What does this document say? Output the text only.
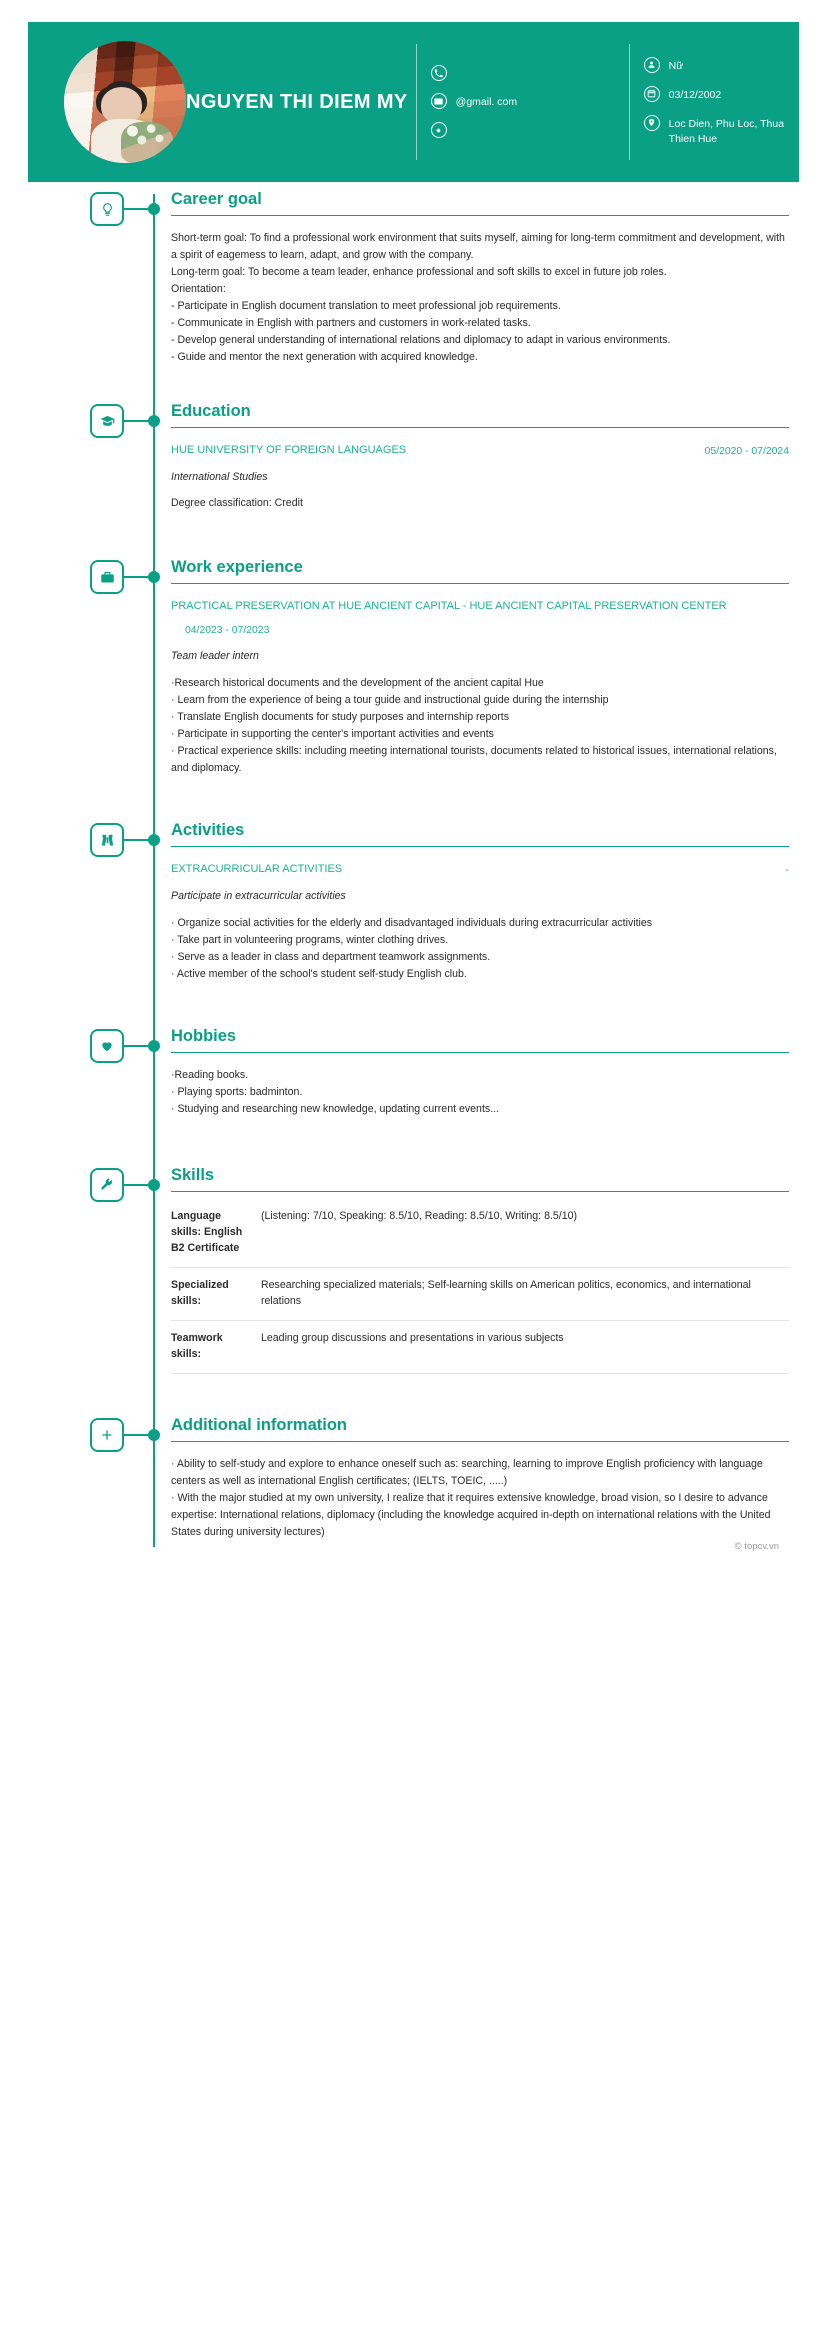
NGUYEN THI DIEM MY	@gmail. com
Nữ
03/12/2002
Loc Dien, Phu Loc, Thua Thien Hue
Career goal
Short-term goal: To find a professional work environment that suits myself, aiming for long-term commitment and development, with a spirit of eagemess to learn, adapt, and grow with the company.
Long-term goal: To become a team leader, enhance professional and soft skills to excel in future job roles.
Orientation:
- Participate in English document translation to meet professional job requirements.
- Communicate in English with partners and customers in work-related tasks.
- Develop general understanding of international relations and diplomacy to adapt in various environments.
- Guide and mentor the next generation with acquired knowledge.
Education
HUE UNIVERSITY OF FOREIGN LANGUAGES	05/2020 - 07/2024
International Studies
Degree classification: Credit
Work experience
PRACTICAL PRESERVATION AT HUE ANCIENT CAPITAL - HUE ANCIENT CAPITAL PRESERVATION CENTER
04/2023 - 07/2023
Team leader intern
·Research historical documents and the development of the ancient capital Hue
· Learn from the experience of being a tour guide and instructional guide during the internship
· Translate English documents for study purposes and internship reports
· Participate in supporting the center's important activities and events
· Practical experience skills: including meeting international tourists, documents related to historical issues, international relations, and diplomacy.
Activities
EXTRACURRICULAR ACTIVITIES	-
Participate in extracurricular activities
· Organize social activities for the elderly and disadvantaged individuals during extracurricular activities
· Take part in volunteering programs, winter clothing drives.
· Serve as a leader in class and department teamwork assignments.
· Active member of the school's student self-study English club.
Hobbies
·Reading books.
· Playing sports: badminton.
· Studying and researching new knowledge, updating current events...
Skills
Language skills: English B2 Certificate	(Listening: 7/10, Speaking: 8.5/10, Reading: 8.5/10, Writing: 8.5/10)
Specialized skills:	Researching specialized materials; Self-learning skills on American politics, economics, and international relations
Teamwork skills:	Leading group discussions and presentations in various subjects
Additional information
· Ability to self-study and explore to enhance oneself such as: searching, learning to improve English proficiency with language centers as well as international English certificates; (IELTS, TOEIC, .....)
· With the major studied at my own university, I realize that it requires extensive knowledge, broad vision, so I desire to advance expertise: International relations, diplomacy (including the knowledge acquired in-depth on international relations with the United States during university lectures)
© topcv.vn
